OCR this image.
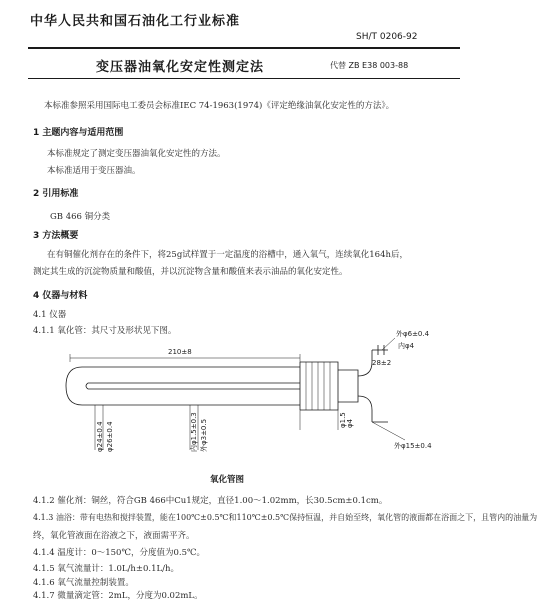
中华人民共和国石油化工行业标准
SH/T 0206-92
变压器油氧化安定性测定法	代替 ZB E38 003-88
本标准参照采用国际电工委员会标准IEC 74-1963(1974)《评定绝缘油氧化安定性的方法》。
1 主题内容与适用范围
本标准规定了测定变压器油氧化安定性的方法。
本标准适用于变压器油。
2 引用标准
GB 466 铜分类
3 方法概要
在有铜催化剂存在的条件下，将25g试样置于一定温度的浴槽中，通入氧气，连续氧化164h后，
测定其生成的沉淀物质量和酸值，并以沉淀物含量和酸值来表示油品的氧化安定性。
4 仪器与材料
4.1 仪器
4.1.1 氧化管：其尺寸及形状见下图。
210±8
外φ6±0.4
内φ4
28±2
φ24±0.4 φ26±0.4	内φ1.5±0.3 外φ3±0.5	φ1.5 φ4
外φ15±0.4
氧化管图
4.1.2 催化剂：铜丝，符合GB 466中Cu1规定，直径1.00～1.02mm，长30.5cm±0.1cm。
4.1.3 油浴：带有电热和搅拌装置，能在100℃±0.5℃和110℃±0.5℃保持恒温，并自始至终，氧化管的液面都在浴面之下，且管内的油量为
终，氧化管液面在浴液之下，液面需平齐。
4.1.4 温度计：0～150℃，分度值为0.5℃。
4.1.5 氧气流量计：1.0L/h±0.1L/h。
4.1.6 氧气流量控制装置。
4.1.7 微量滴定管：2mL，分度为0.02mL。
